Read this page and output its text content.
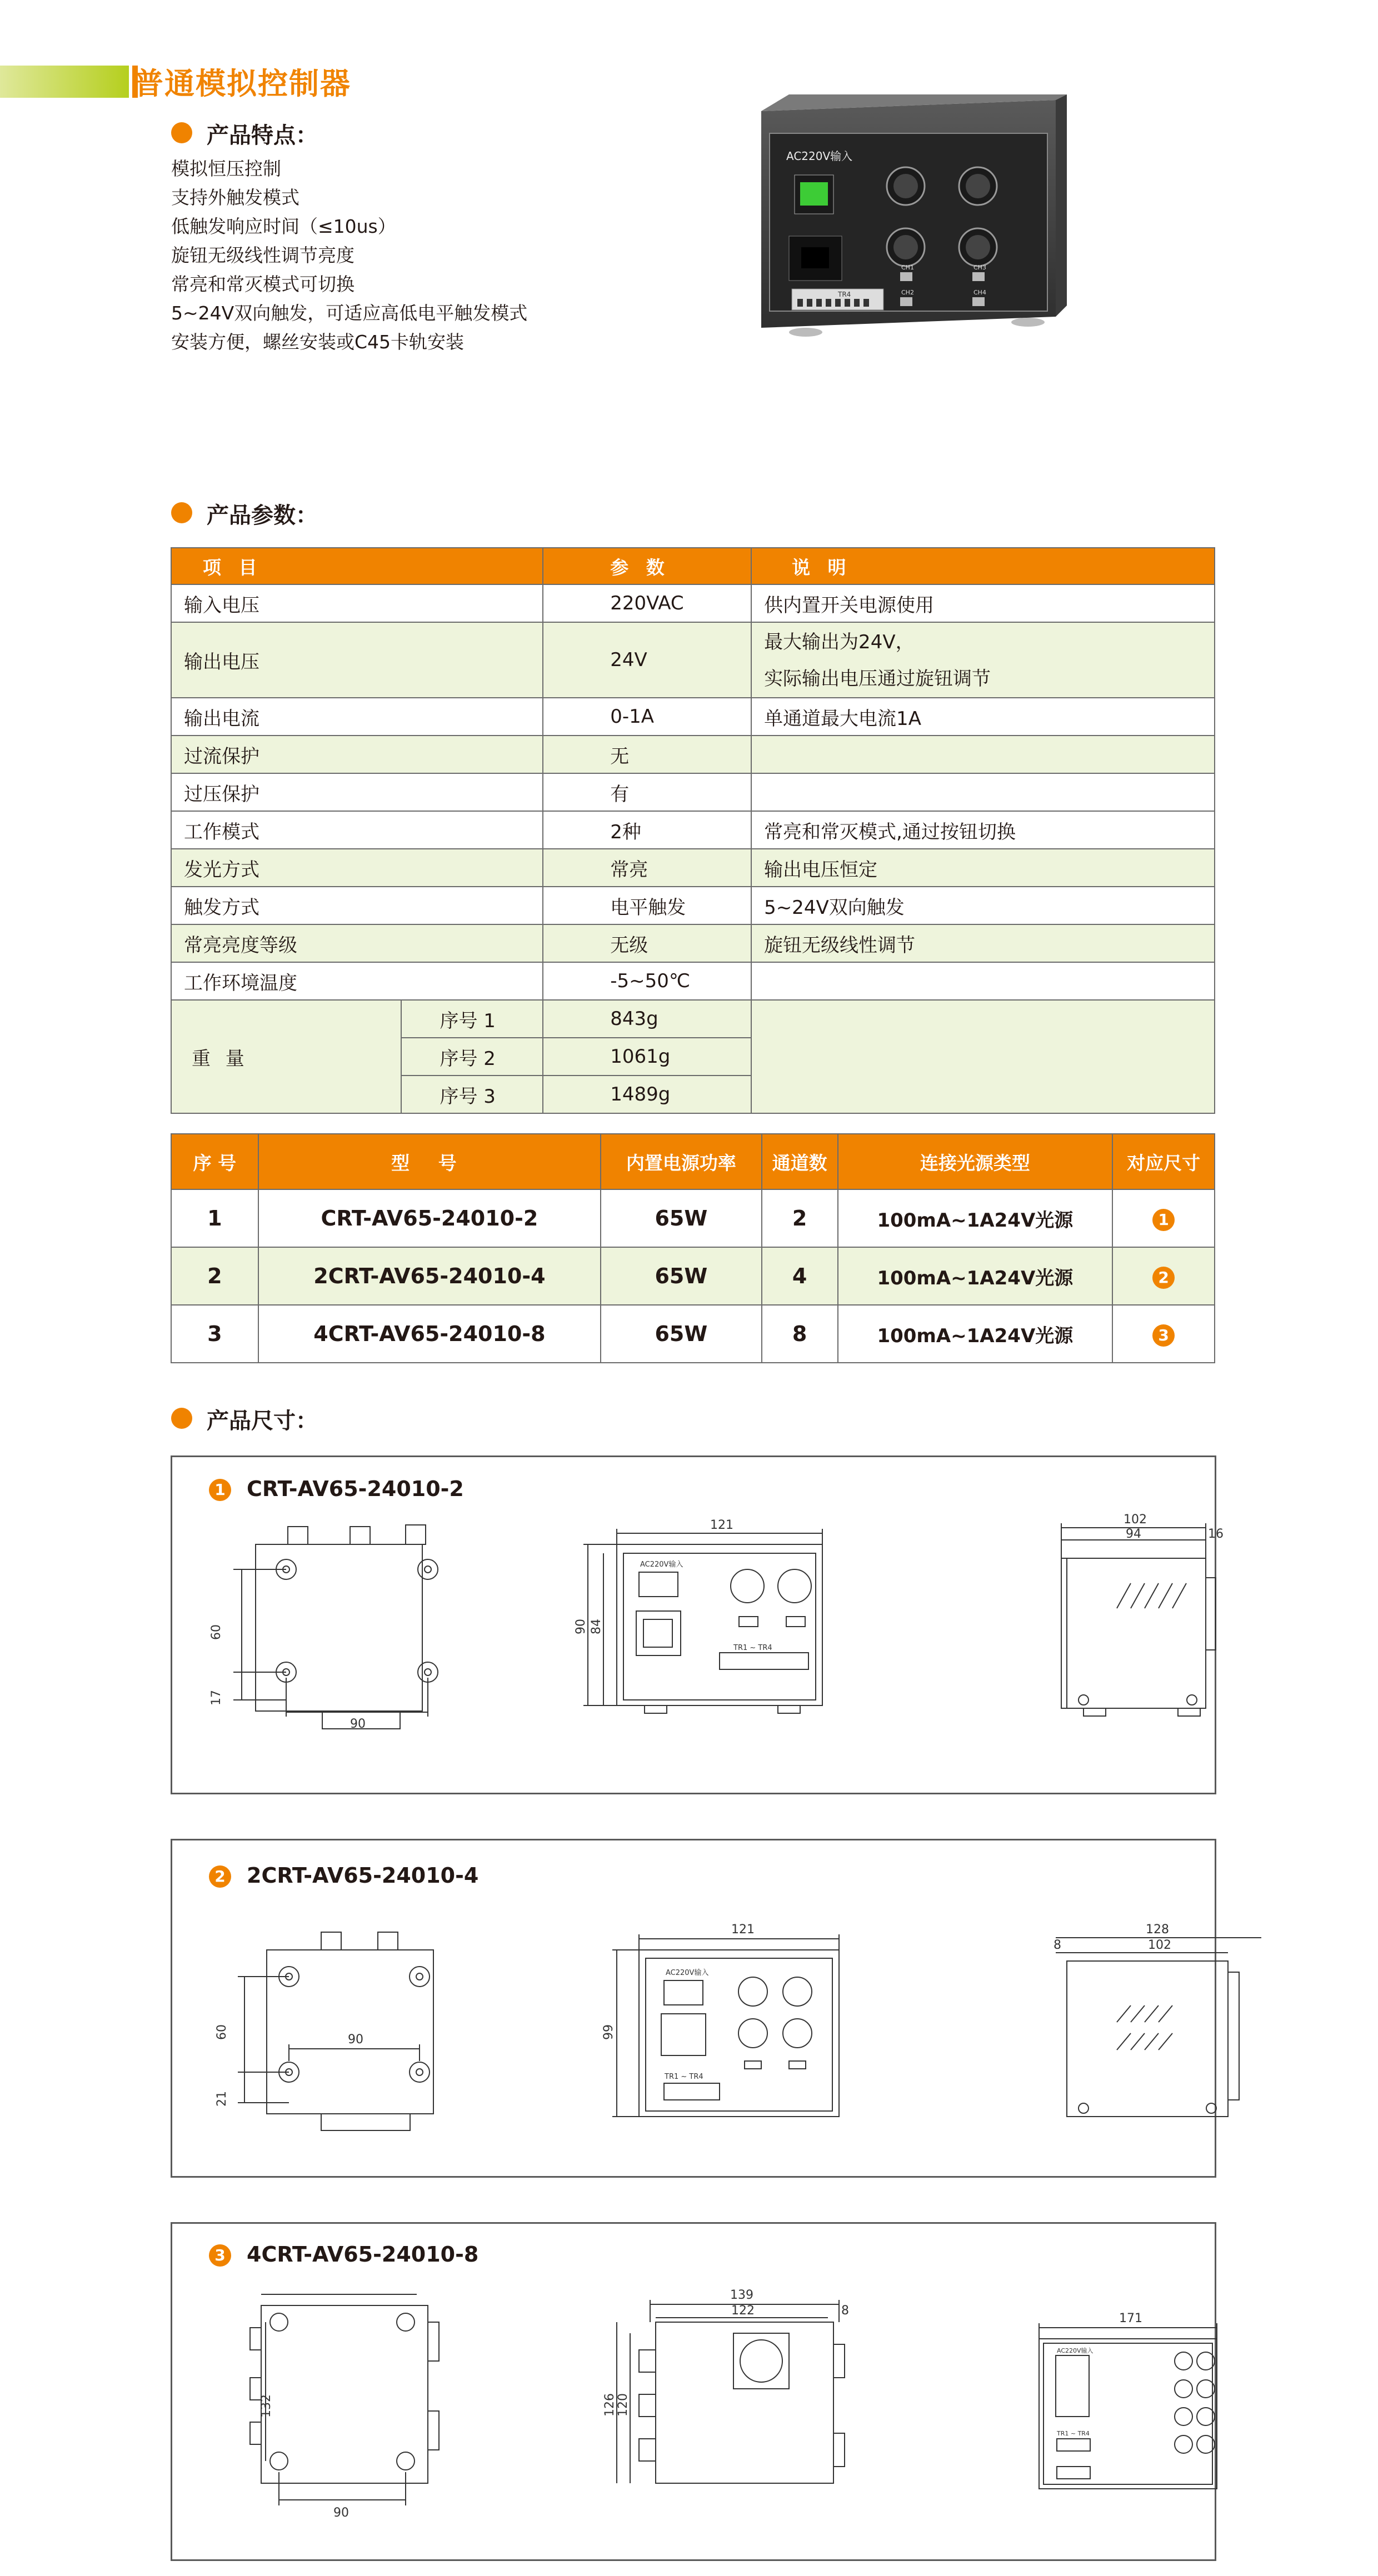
普通模拟控制器
产品特点：
模拟恒压控制
支持外触发模式
低触发响应时间（≤10us）
旋钮无级线性调节亮度
常亮和常灭模式可切换
5~24V双向触发，可适应高低电平触发模式
安装方便，螺丝安装或C45卡轨安装
AC220V输入
TR4
CH1
CH2
CH3
CH4
产品参数：
项 目		参 数	说 明
输入电压		220VAC	供内置开关电源使用
输出电压		24V	最大输出为24V，
实际输出电压通过旋钮调节

输出电流		0-1A	单通道最大电流1A
过流保护		无	
过压保护		有	
工作模式		2种	常亮和常灭模式,通过按钮切换
发光方式		常亮	输出电压恒定
触发方式		电平触发	5~24V双向触发
常亮亮度等级		无级	旋钮无级线性调节
工作环境温度		-5~50℃	
重 量	序号 1	843g	
	序号 2	1061g	
	序号 3	1489g	
序 号	型 号	内置电源功率	通道数	连接光源类型	对应尺寸
1	CRT-AV65-24010-2	65W	2	100mA~1A24V光源	1
2	2CRT-AV65-24010-4	65W	4	100mA~1A24V光源	2
3	4CRT-AV65-24010-8	65W	8	100mA~1A24V光源	3
产品尺寸：
1 CRT-AV65-24010-2
60
17
90
121
90 84
AC220V输入
TR1 ~ TR4
102
94	16
2 2CRT-AV65-24010-4
60
21
90
121
99
AC220V输入
TR1 ~ TR4
128
102
8
3 4CRT-AV65-24010-8
132
90
139
122	8
126 120
171
AC220V输入
TR1 ~ TR4
